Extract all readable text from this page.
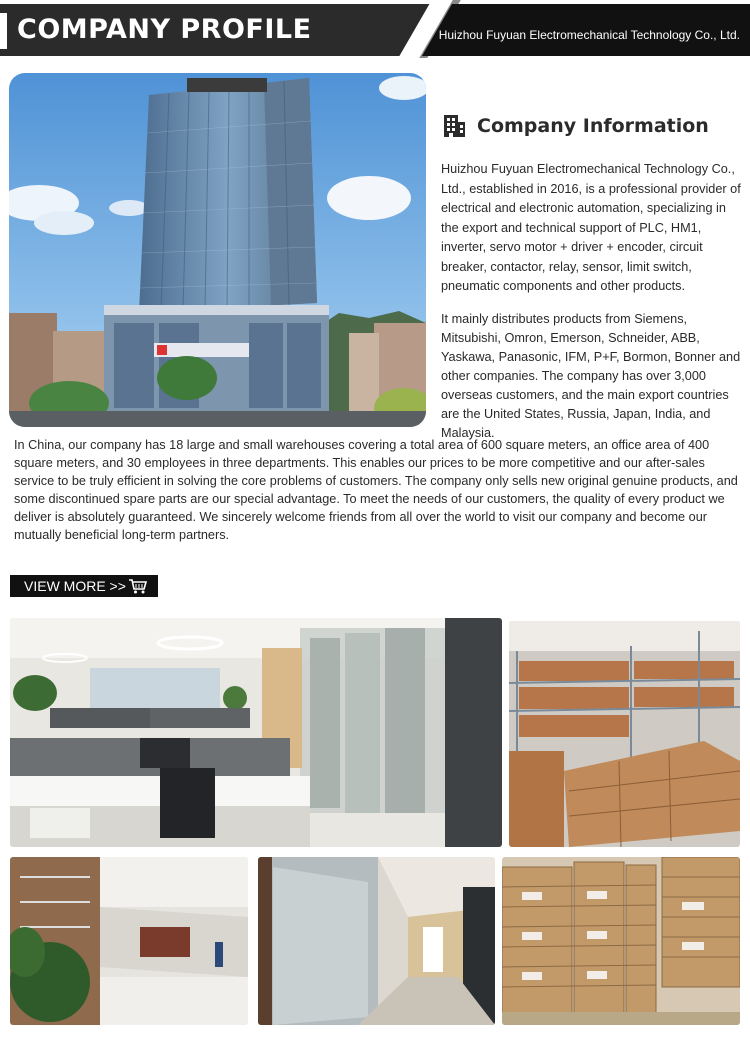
COMPANY PROFILE	Huizhou Fuyuan Electromechanical Technology Co., Ltd.
Company Information

Huizhou Fuyuan Electromechanical Technology Co., Ltd., established in 2016, is a professional provider of electrical and electronic automation, specializing in the export and technical support of PLC, HM1, inverter, servo motor + driver + encoder, circuit breaker, contactor, relay, sensor, limit switch, pneumatic components and other products.

It mainly distributes products from Siemens, Mitsubishi, Omron, Emerson, Schneider, ABB, Yaskawa, Panasonic, IFM, P+F, Bormon, Bonner and other companies. The company has over 3,000 overseas customers, and the main export countries are the United States, Russia, Japan, India, and Malaysia.

In China, our company has 18 large and small warehouses covering a total area of 600 square meters, an office area of 400 square meters, and 30 employees in three departments. This enables our prices to be more competitive and our after-sales service to be truly efficient in solving the core problems of customers. The company only sells new original genuine products, and some discontinued spare parts are our special advantage. To meet the needs of our customers, the quality of every product we deliver is absolutely guaranteed. We sincerely welcome friends from all over the world to visit our company and become our mutually beneficial long-term partners.

VIEW MORE >>
